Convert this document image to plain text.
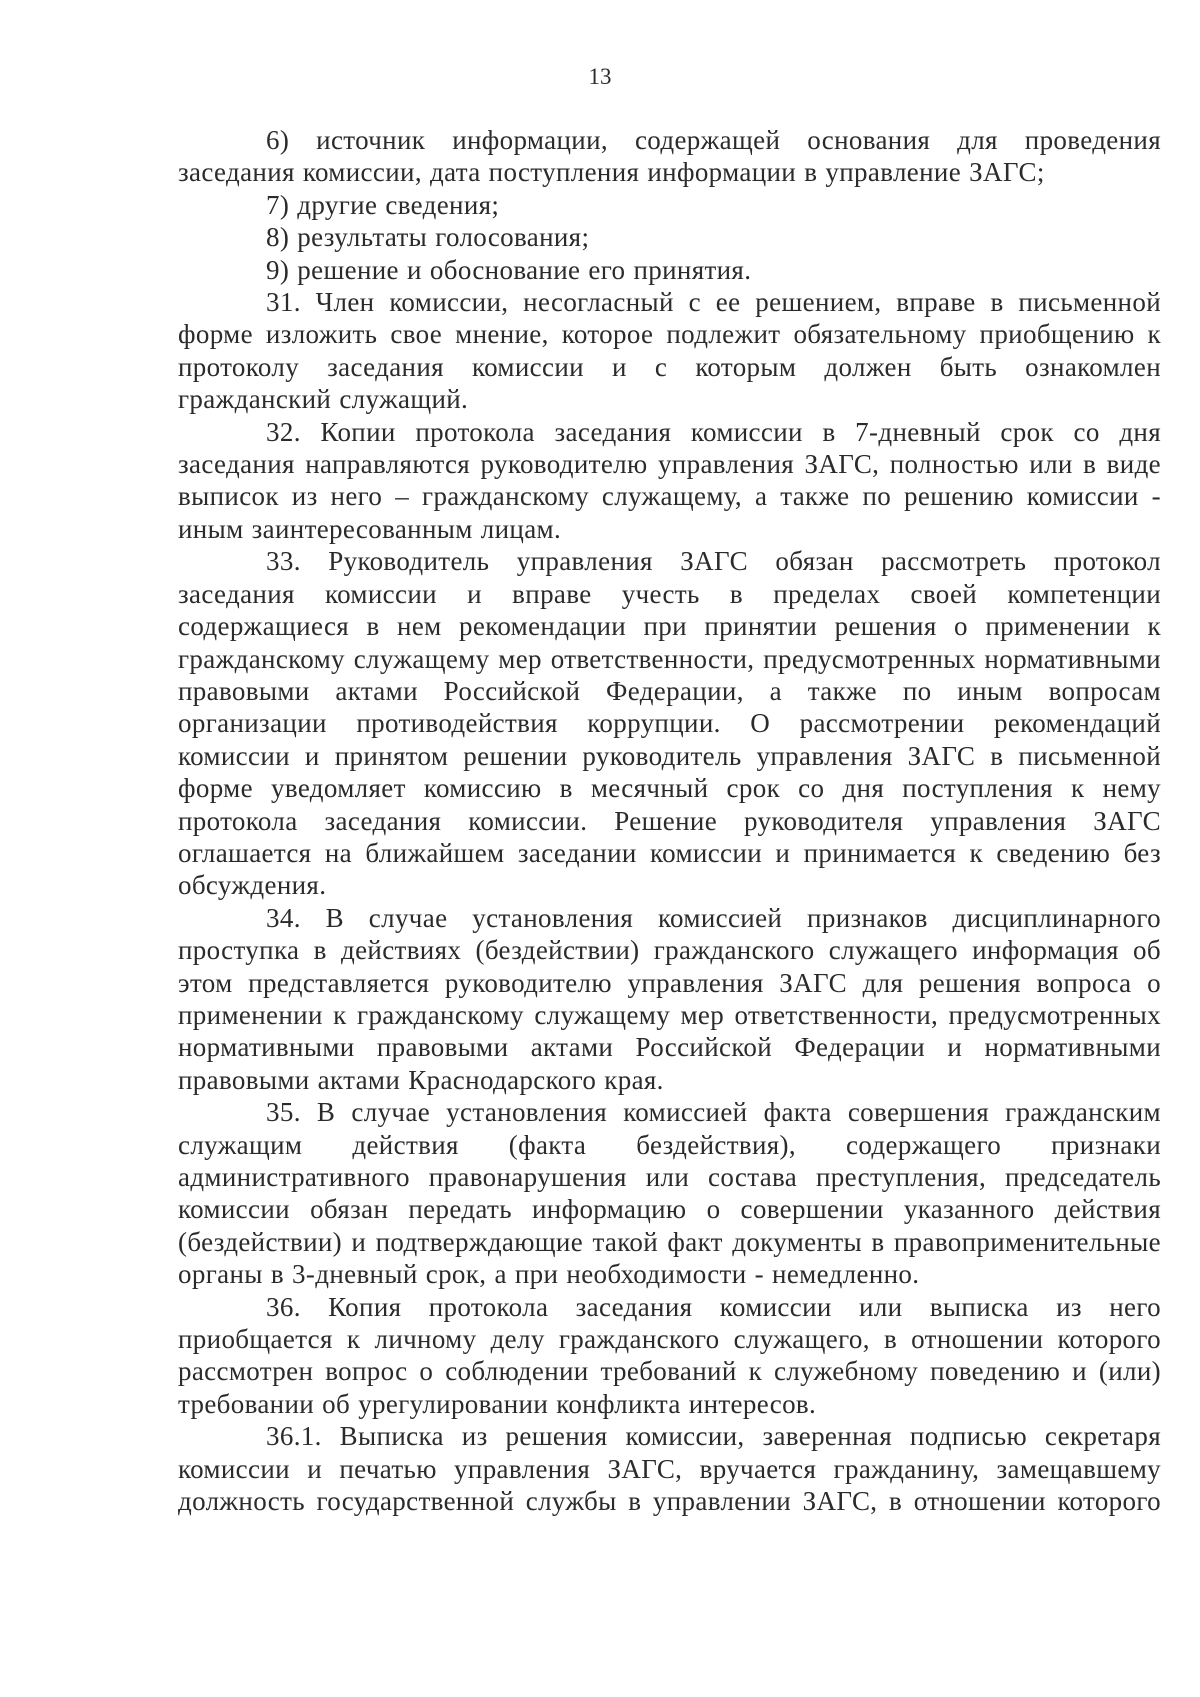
13

6) источник информации, содержащей основания для проведения заседания комиссии, дата поступления информации в управление ЗАГС;

7) другие сведения;

8) результаты голосования;

9) решение и обоснование его принятия.

31. Член комиссии, несогласный с ее решением, вправе в письменной форме изложить свое мнение, которое подлежит обязательному приобщению к протоколу заседания комиссии и с которым должен быть ознакомлен гражданский служащий.

32. Копии протокола заседания комиссии в 7-дневный срок со дня заседания направляются руководителю управления ЗАГС, полностью или в виде выписок из него – гражданскому служащему, а также по решению комиссии - иным заинтересованным лицам.

33. Руководитель управления ЗАГС обязан рассмотреть протокол заседания комиссии и вправе учесть в пределах своей компетенции содержащиеся в нем рекомендации при принятии решения о применении к гражданскому служащему мер ответственности, предусмотренных нормативными правовыми актами Российской Федерации, а также по иным вопросам организации противодействия коррупции. О рассмотрении рекомендаций комиссии и принятом решении руководитель управления ЗАГС в письменной форме уведомляет комиссию в месячный срок со дня поступления к нему протокола заседания комиссии. Решение руководителя управления ЗАГС оглашается на ближайшем заседании комиссии и принимается к сведению без обсуждения.

34. В случае установления комиссией признаков дисциплинарного проступка в действиях (бездействии) гражданского служащего информация об этом представляется руководителю управления ЗАГС для решения вопроса о применении к гражданскому служащему мер ответственности, предусмотренных нормативными правовыми актами Российской Федерации и нормативными правовыми актами Краснодарского края.

35. В случае установления комиссией факта совершения гражданским служащим действия (факта бездействия), содержащего признаки административного правонарушения или состава преступления, председатель комиссии обязан передать информацию о совершении указанного действия (бездействии) и подтверждающие такой факт документы в правоприменительные органы в 3-дневный срок, а при необходимости - немедленно.

36. Копия протокола заседания комиссии или выписка из него приобщается к личному делу гражданского служащего, в отношении которого рассмотрен вопрос о соблюдении требований к служебному поведению и (или) требовании об урегулировании конфликта интересов.

36.1. Выписка из решения комиссии, заверенная подписью секретаря комиссии и печатью управления ЗАГС, вручается гражданину, замещавшему должность государственной службы в управлении ЗАГС, в отношении которого
